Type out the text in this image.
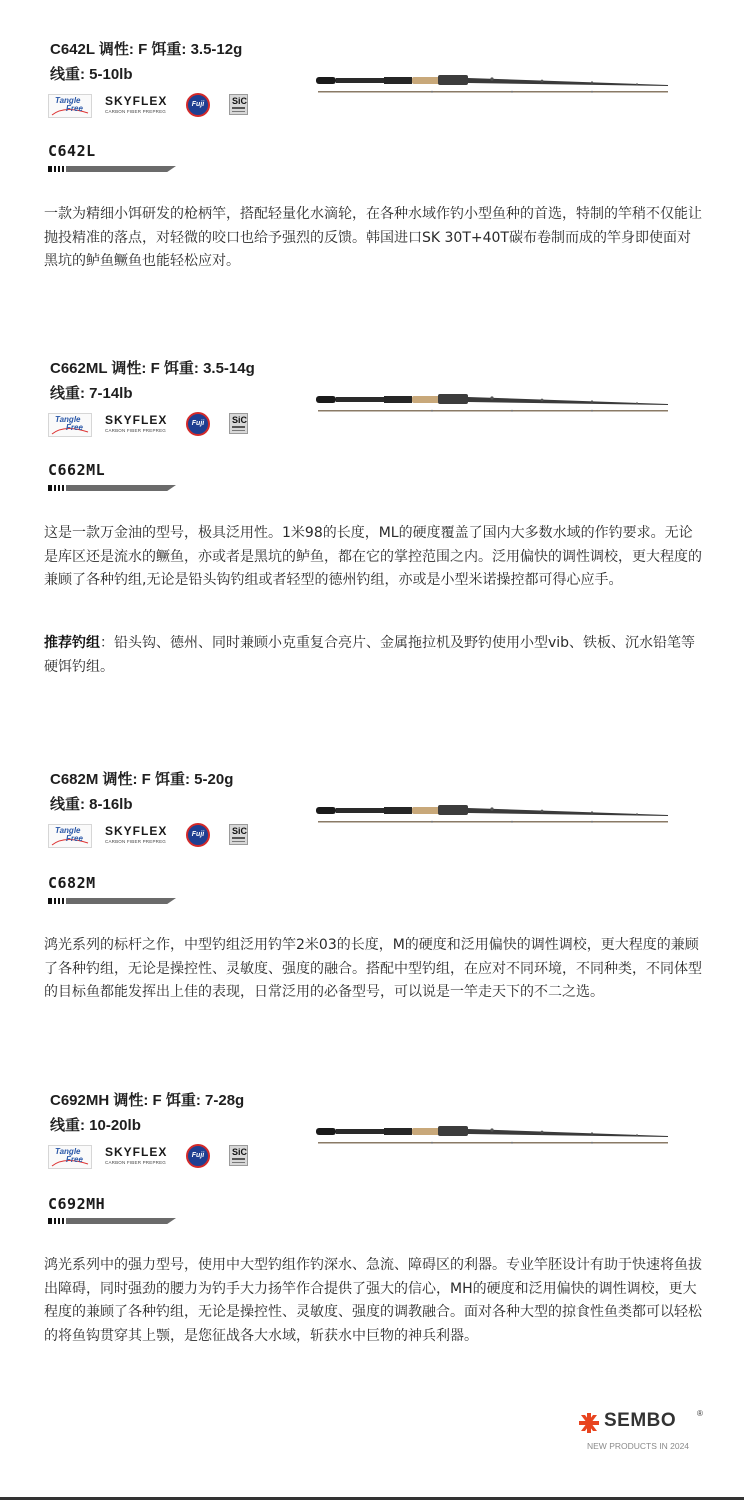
C642L 调性: F 饵重: 3.5-12g

线重: 5-10lb

Tangle
Free
SKYFLEX
CARBON FIBER PREPREG
Fuji	SiC

C642L

一款为精细小饵研发的枪柄竿，搭配轻量化水滴轮，在各种水域作钓小型鱼种的首选，特制的竿稍不仅能让抛投精准的落点，对轻微的咬口也给予强烈的反馈。韩国进口SK 30T+40T碳布卷制而成的竿身即使面对黑坑的鲈鱼鳜鱼也能轻松应对。

C662ML 调性: F 饵重: 3.5-14g

线重: 7-14lb

Tangle
Free
SKYFLEX
CARBON FIBER PREPREG
Fuji	SiC

C662ML

这是一款万金油的型号，极具泛用性。1米98的长度，ML的硬度覆盖了国内大多数水域的作钓要求。无论是库区还是流水的鳜鱼，亦或者是黑坑的鲈鱼，都在它的掌控范围之内。泛用偏快的调性调校，更大程度的兼顾了各种钓组,无论是铅头钩钓组或者轻型的德州钓组，亦或是小型米诺操控都可得心应手。

推荐钓组：铅头钩、德州、同时兼顾小克重复合亮片、金属拖拉机及野钓使用小型vib、铁板、沉水铅笔等硬饵钓组。

C682M 调性: F 饵重: 5-20g

线重: 8-16lb

Tangle
Free
SKYFLEX
CARBON FIBER PREPREG
Fuji	SiC

C682M

鸿光系列的标杆之作，中型钓组泛用钓竿2米03的长度，M的硬度和泛用偏快的调性调校，更大程度的兼顾了各种钓组，无论是操控性、灵敏度、强度的融合。搭配中型钓组，在应对不同环境，不同种类，不同体型的目标鱼都能发挥出上佳的表现，日常泛用的必备型号，可以说是一竿走天下的不二之选。

C692MH 调性: F 饵重: 7-28g

线重: 10-20lb

Tangle
Free
SKYFLEX
CARBON FIBER PREPREG
Fuji	SiC

C692MH

鸿光系列中的强力型号，使用中大型钓组作钓深水、急流、障碍区的利器。专业竿胚设计有助于快速将鱼拔出障碍，同时强劲的腰力为钓手大力扬竿作合提供了强大的信心，MH的硬度和泛用偏快的调性调校，更大程度的兼顾了各种钓组，无论是操控性、灵敏度、强度的调教融合。面对各种大型的掠食性鱼类都可以轻松的将鱼钩贯穿其上颚，是您征战各大水域，斩获水中巨物的神兵利器。

SEMBO	®
NEW PRODUCTS IN 2024
